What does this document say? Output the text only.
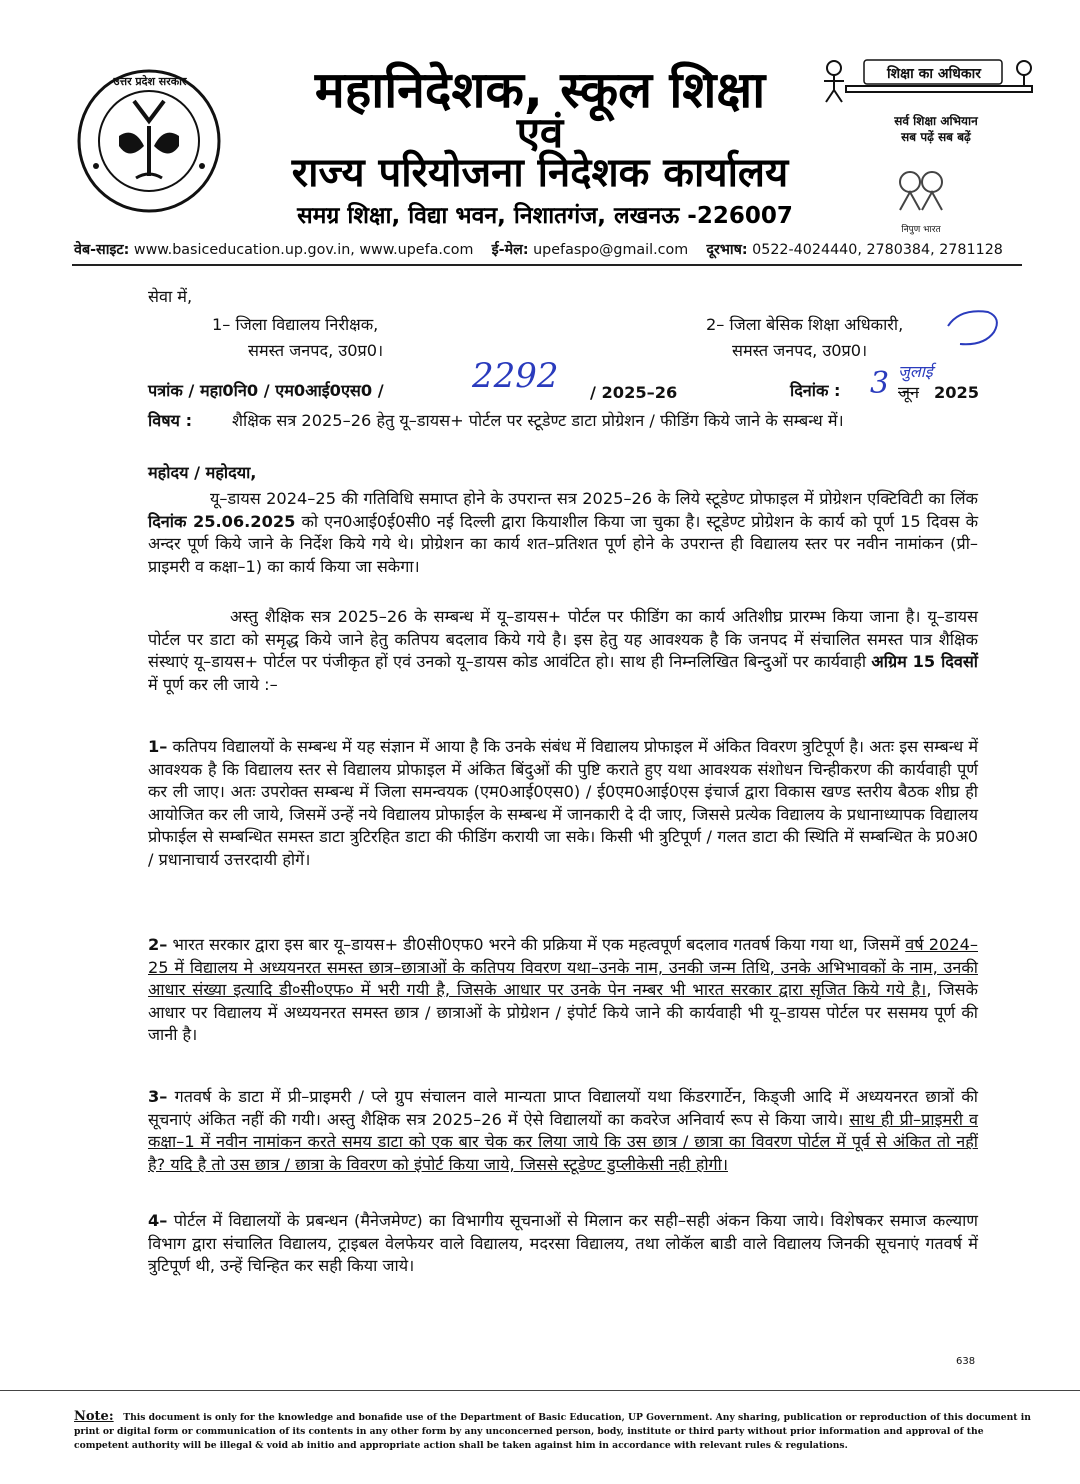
उत्तर प्रदेश सरकार	महानिदेशक, स्कूल शिक्षा
एवं
राज्य परियोजना निदेशक कार्यालय
समग्र शिक्षा, विद्या भवन, निशातगंज, लखनऊ -226007
शिक्षा का अधिकार
सर्व शिक्षा अभियान
सब पढ़ें सब बढ़ें
निपुण भारत
वेब-साइट: www.basiceducation.up.gov.in, www.upefa.com ई-मेल: upefaspo@gmail.com दूरभाष: 0522-4024440, 2780384, 2781128
सेवा में,
1– जिला विद्यालय निरीक्षक,
समस्त जनपद, उ0प्र0।
2– जिला बेसिक शिक्षा अधिकारी,
समस्त जनपद, उ0प्र0।
पत्रांक / महा0नि0 / एम0आई0एस0 /	2292 / 2025–26	दिनांक : 3 जुलाई
जून 2025
विषय : शैक्षिक सत्र 2025–26 हेतु यू–डायस+ पोर्टल पर स्टूडेण्ट डाटा प्रोग्रेशन / फीडिंग किये जाने के सम्बन्ध में।
महोदय / महोदया,
यू–डायस 2024–25 की गतिविधि समाप्त होने के उपरान्त सत्र 2025–26 के लिये स्टूडेण्ट प्रोफाइल में प्रोग्रेशन एक्टिविटी का लिंक दिनांक 25.06.2025 को एन0आई0ई0सी0 नई दिल्ली द्वारा कियाशील किया जा चुका है। स्टूडेण्ट प्रोग्रेशन के कार्य को पूर्ण 15 दिवस के अन्दर पूर्ण किये जाने के निर्देश किये गये थे। प्रोग्रेशन का कार्य शत–प्रतिशत पूर्ण होने के उपरान्त ही विद्यालय स्तर पर नवीन नामांकन (प्री–प्राइमरी व कक्षा–1) का कार्य किया जा सकेगा।
अस्तु शैक्षिक सत्र 2025–26 के सम्बन्ध में यू–डायस+ पोर्टल पर फीडिंग का कार्य अतिशीघ्र प्रारम्भ किया जाना है। यू–डायस पोर्टल पर डाटा को समृद्ध किये जाने हेतु कतिपय बदलाव किये गये है। इस हेतु यह आवश्यक है कि जनपद में संचालित समस्त पात्र शैक्षिक संस्थाएं यू–डायस+ पोर्टल पर पंजीकृत हों एवं उनको यू–डायस कोड आवंटित हो। साथ ही निम्नलिखित बिन्दुओं पर कार्यवाही अग्रिम 15 दिवसों में पूर्ण कर ली जाये :–
1– कतिपय विद्यालयों के सम्बन्ध में यह संज्ञान में आया है कि उनके संबंध में विद्यालय प्रोफाइल में अंकित विवरण त्रुटिपूर्ण है। अतः इस सम्बन्ध में आवश्यक है कि विद्यालय स्तर से विद्यालय प्रोफाइल में अंकित बिंदुओं की पुष्टि कराते हुए यथा आवश्यक संशोधन चिन्हीकरण की कार्यवाही पूर्ण कर ली जाए। अतः उपरोक्त सम्बन्ध में जिला समन्वयक (एम0आई0एस0) / ई0एम0आई0एस इंचार्ज द्वारा विकास खण्ड स्तरीय बैठक शीघ्र ही आयोजित कर ली जाये, जिसमें उन्हें नये विद्यालय प्रोफाईल के सम्बन्ध में जानकारी दे दी जाए, जिससे प्रत्येक विद्यालय के प्रधानाध्यापक विद्यालय प्रोफाईल से सम्बन्धित समस्त डाटा त्रुटिरहित डाटा की फीडिंग करायी जा सके। किसी भी त्रुटिपूर्ण / गलत डाटा की स्थिति में सम्बन्धित के प्र0अ0 / प्रधानाचार्य उत्तरदायी होगें।
2– भारत सरकार द्वारा इस बार यू–डायस+ डी0सी0एफ0 भरने की प्रक्रिया में एक महत्वपूर्ण बदलाव गतवर्ष किया गया था, जिसमें वर्ष 2024–25 में विद्यालय मे अध्ययनरत समस्त छात्र–छात्राओं के कतिपय विवरण यथा–उनके नाम, उनकी जन्म तिथि, उनके अभिभावकों के नाम, उनकी आधार संख्या इत्यादि डी०सी०एफ० में भरी गयी है, जिसके आधार पर उनके पेन नम्बर भी भारत सरकार द्वारा सृजित किये गये है।, जिसके आधार पर विद्यालय में अध्ययनरत समस्त छात्र / छात्राओं के प्रोग्रेशन / इंपोर्ट किये जाने की कार्यवाही भी यू–डायस पोर्टल पर ससमय पूर्ण की जानी है।
3– गतवर्ष के डाटा में प्री–प्राइमरी / प्ले ग्रुप संचालन वाले मान्यता प्राप्त विद्यालयों यथा किंडरगार्टेन, किड्जी आदि में अध्ययनरत छात्रों की सूचनाएं अंकित नहीं की गयी। अस्तु शैक्षिक सत्र 2025–26 में ऐसे विद्यालयों का कवरेज अनिवार्य रूप से किया जाये। साथ ही प्री–प्राइमरी व कक्षा–1 में नवीन नामांकन करते समय डाटा को एक बार चेक कर लिया जाये कि उस छात्र / छात्रा का विवरण पोर्टल में पूर्व से अंकित तो नहीं है? यदि है तो उस छात्र / छात्रा के विवरण को इंपोर्ट किया जाये, जिससे स्टूडेण्ट डुप्लीकेसी नही होगी।
4– पोर्टल में विद्यालयों के प्रबन्धन (मैनेजमेण्ट) का विभागीय सूचनाओं से मिलान कर सही–सही अंकन किया जाये। विशेषकर समाज कल्याण विभाग द्वारा संचालित विद्यालय, ट्राइबल वेलफेयर वाले विद्यालय, मदरसा विद्यालय, तथा लोकॅल बाडी वाले विद्यालय जिनकी सूचनाएं गतवर्ष में त्रुटिपूर्ण थी, उन्हें चिन्हित कर सही किया जाये।
638
Note: This document is only for the knowledge and bonafide use of the Department of Basic Education, UP Government. Any sharing, publication or reproduction of this document in print or digital form or communication of its contents in any other form by any unconcerned person, body, institute or third party without prior information and approval of the competent authority will be illegal & void ab initio and appropriate action shall be taken against him in accordance with relevant rules & regulations.
